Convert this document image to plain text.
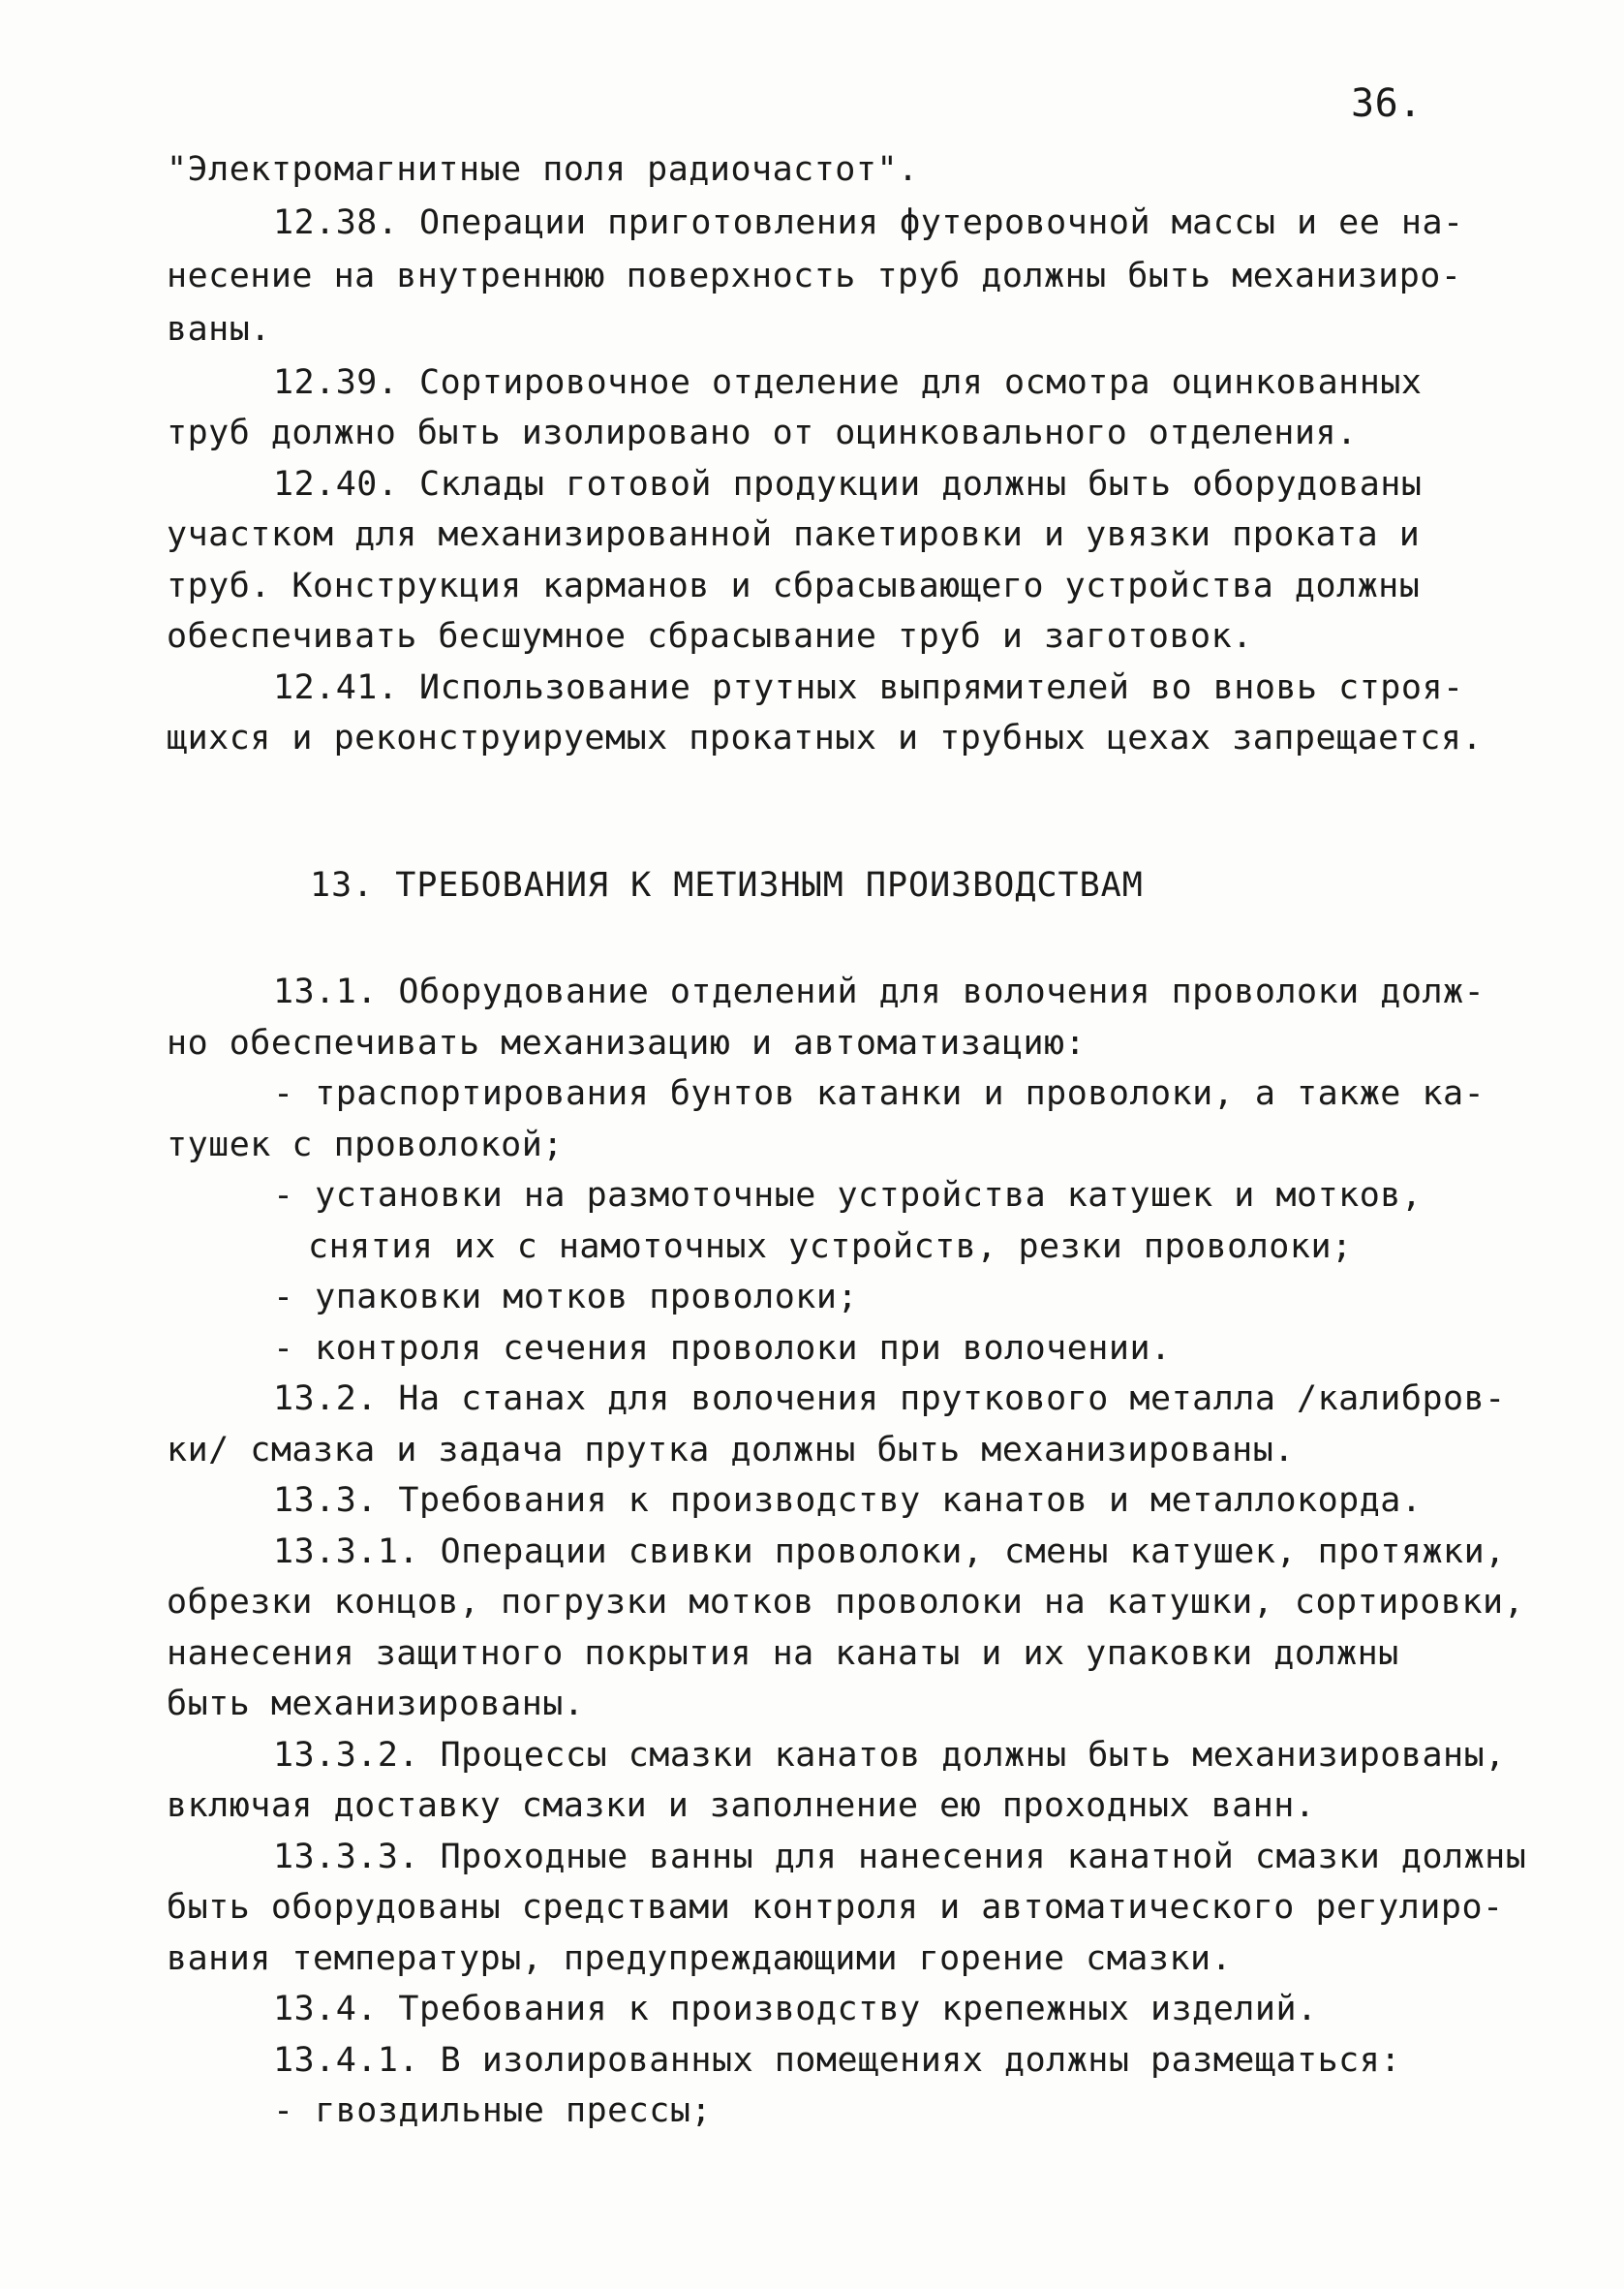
36.
"Электромагнитные поля радиочастот".
12.38. Операции приготовления футеровочной массы и ее на-
несение на внутреннюю поверхность труб должны быть механизиро-
ваны.
12.39. Сортировочное отделение для осмотра оцинкованных
труб должно быть изолировано от оцинковального отделения.
12.40. Склады готовой продукции должны быть оборудованы
участком для механизированной пакетировки и увязки проката и
труб. Конструкция карманов и сбрасывающего устройства должны
обеспечивать бесшумное сбрасывание труб и заготовок.
12.41. Использование ртутных выпрямителей во вновь строя-
щихся и реконструируемых прокатных и трубных цехах запрещается.
13. ТРЕБОВАНИЯ К МЕТИЗНЫМ ПРОИЗВОДСТВАМ
13.1. Оборудование отделений для волочения проволоки долж-
но обеспечивать механизацию и автоматизацию:
- траспортирования бунтов катанки и проволоки, а также ка-
тушек с проволокой;
- установки на размоточные устройства катушек и мотков,
снятия их с намоточных устройств, резки проволоки;
- упаковки мотков проволоки;
- контроля сечения проволоки при волочении.
13.2. На станах для волочения пруткового металла /калибров-
ки/ смазка и задача прутка должны быть механизированы.
13.3. Требования к производству канатов и металлокорда.
13.3.1. Операции свивки проволоки, смены катушек, протяжки,
обрезки концов, погрузки мотков проволоки на катушки, сортировки,
нанесения защитного покрытия на канаты и их упаковки должны
быть механизированы.
13.3.2. Процессы смазки канатов должны быть механизированы,
включая доставку смазки и заполнение ею проходных ванн.
13.3.3. Проходные ванны для нанесения канатной смазки должны
быть оборудованы средствами контроля и автоматического регулиро-
вания температуры, предупреждающими горение смазки.
13.4. Требования к производству крепежных изделий.
13.4.1. В изолированных помещениях должны размещаться:
- гвоздильные прессы;
